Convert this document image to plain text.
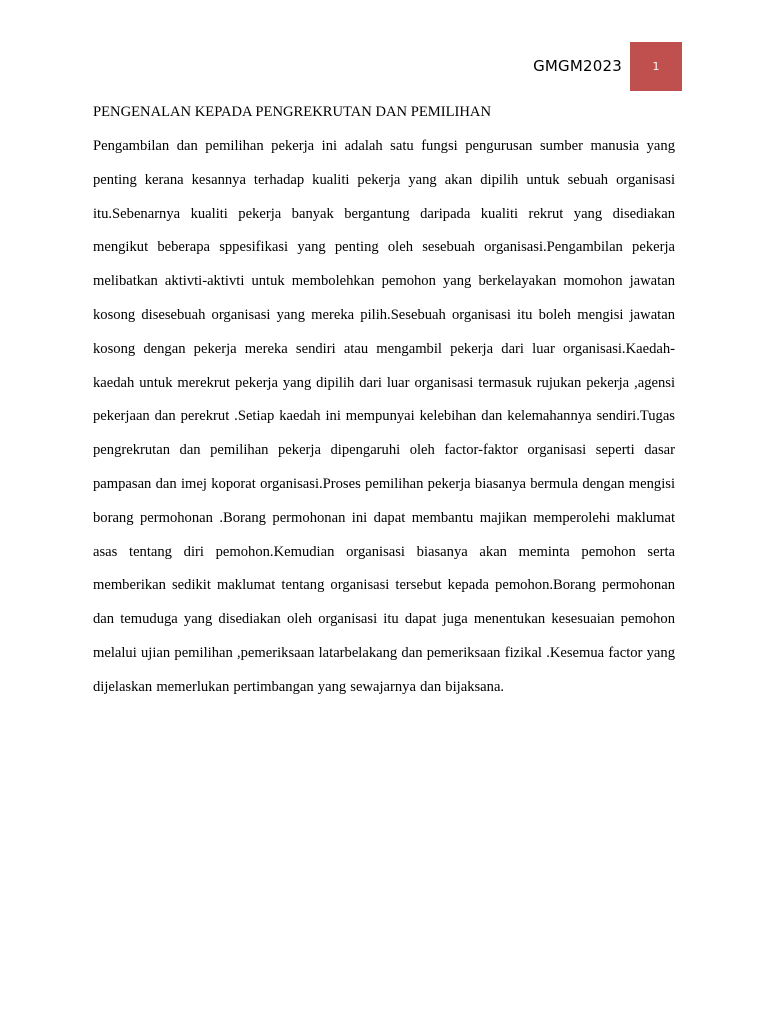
GMGM2023	1
PENGENALAN KEPADA PENGREKRUTAN DAN PEMILIHAN

Pengambilan dan pemilihan pekerja ini adalah satu fungsi pengurusan sumber manusia yang penting kerana kesannya terhadap kualiti pekerja yang akan dipilih untuk sebuah organisasi itu.Sebenarnya kualiti pekerja banyak bergantung daripada kualiti rekrut yang disediakan mengikut beberapa sppesifikasi yang penting oleh sesebuah organisasi.Pengambilan pekerja melibatkan aktivti-aktivti untuk membolehkan pemohon yang berkelayakan momohon jawatan kosong disesebuah organisasi yang mereka pilih.Sesebuah organisasi itu boleh mengisi jawatan kosong dengan pekerja mereka sendiri atau mengambil pekerja dari luar organisasi.Kaedah-kaedah untuk merekrut pekerja yang dipilih dari luar organisasi termasuk rujukan pekerja ,agensi pekerjaan dan perekrut .Setiap kaedah ini mempunyai kelebihan dan kelemahannya sendiri.Tugas pengrekrutan dan pemilihan pekerja dipengaruhi oleh factor-faktor organisasi seperti dasar pampasan dan imej koporat organisasi.Proses pemilihan pekerja biasanya bermula dengan mengisi borang permohonan .Borang permohonan ini dapat membantu majikan memperolehi maklumat asas tentang diri pemohon.Kemudian organisasi biasanya akan meminta pemohon serta memberikan sedikit maklumat tentang organisasi tersebut kepada pemohon.Borang permohonan dan temuduga yang disediakan oleh organisasi itu dapat juga menentukan kesesuaian pemohon melalui ujian pemilihan ,pemeriksaan latarbelakang dan pemeriksaan fizikal .Kesemua factor yang dijelaskan memerlukan pertimbangan yang sewajarnya dan bijaksana.
